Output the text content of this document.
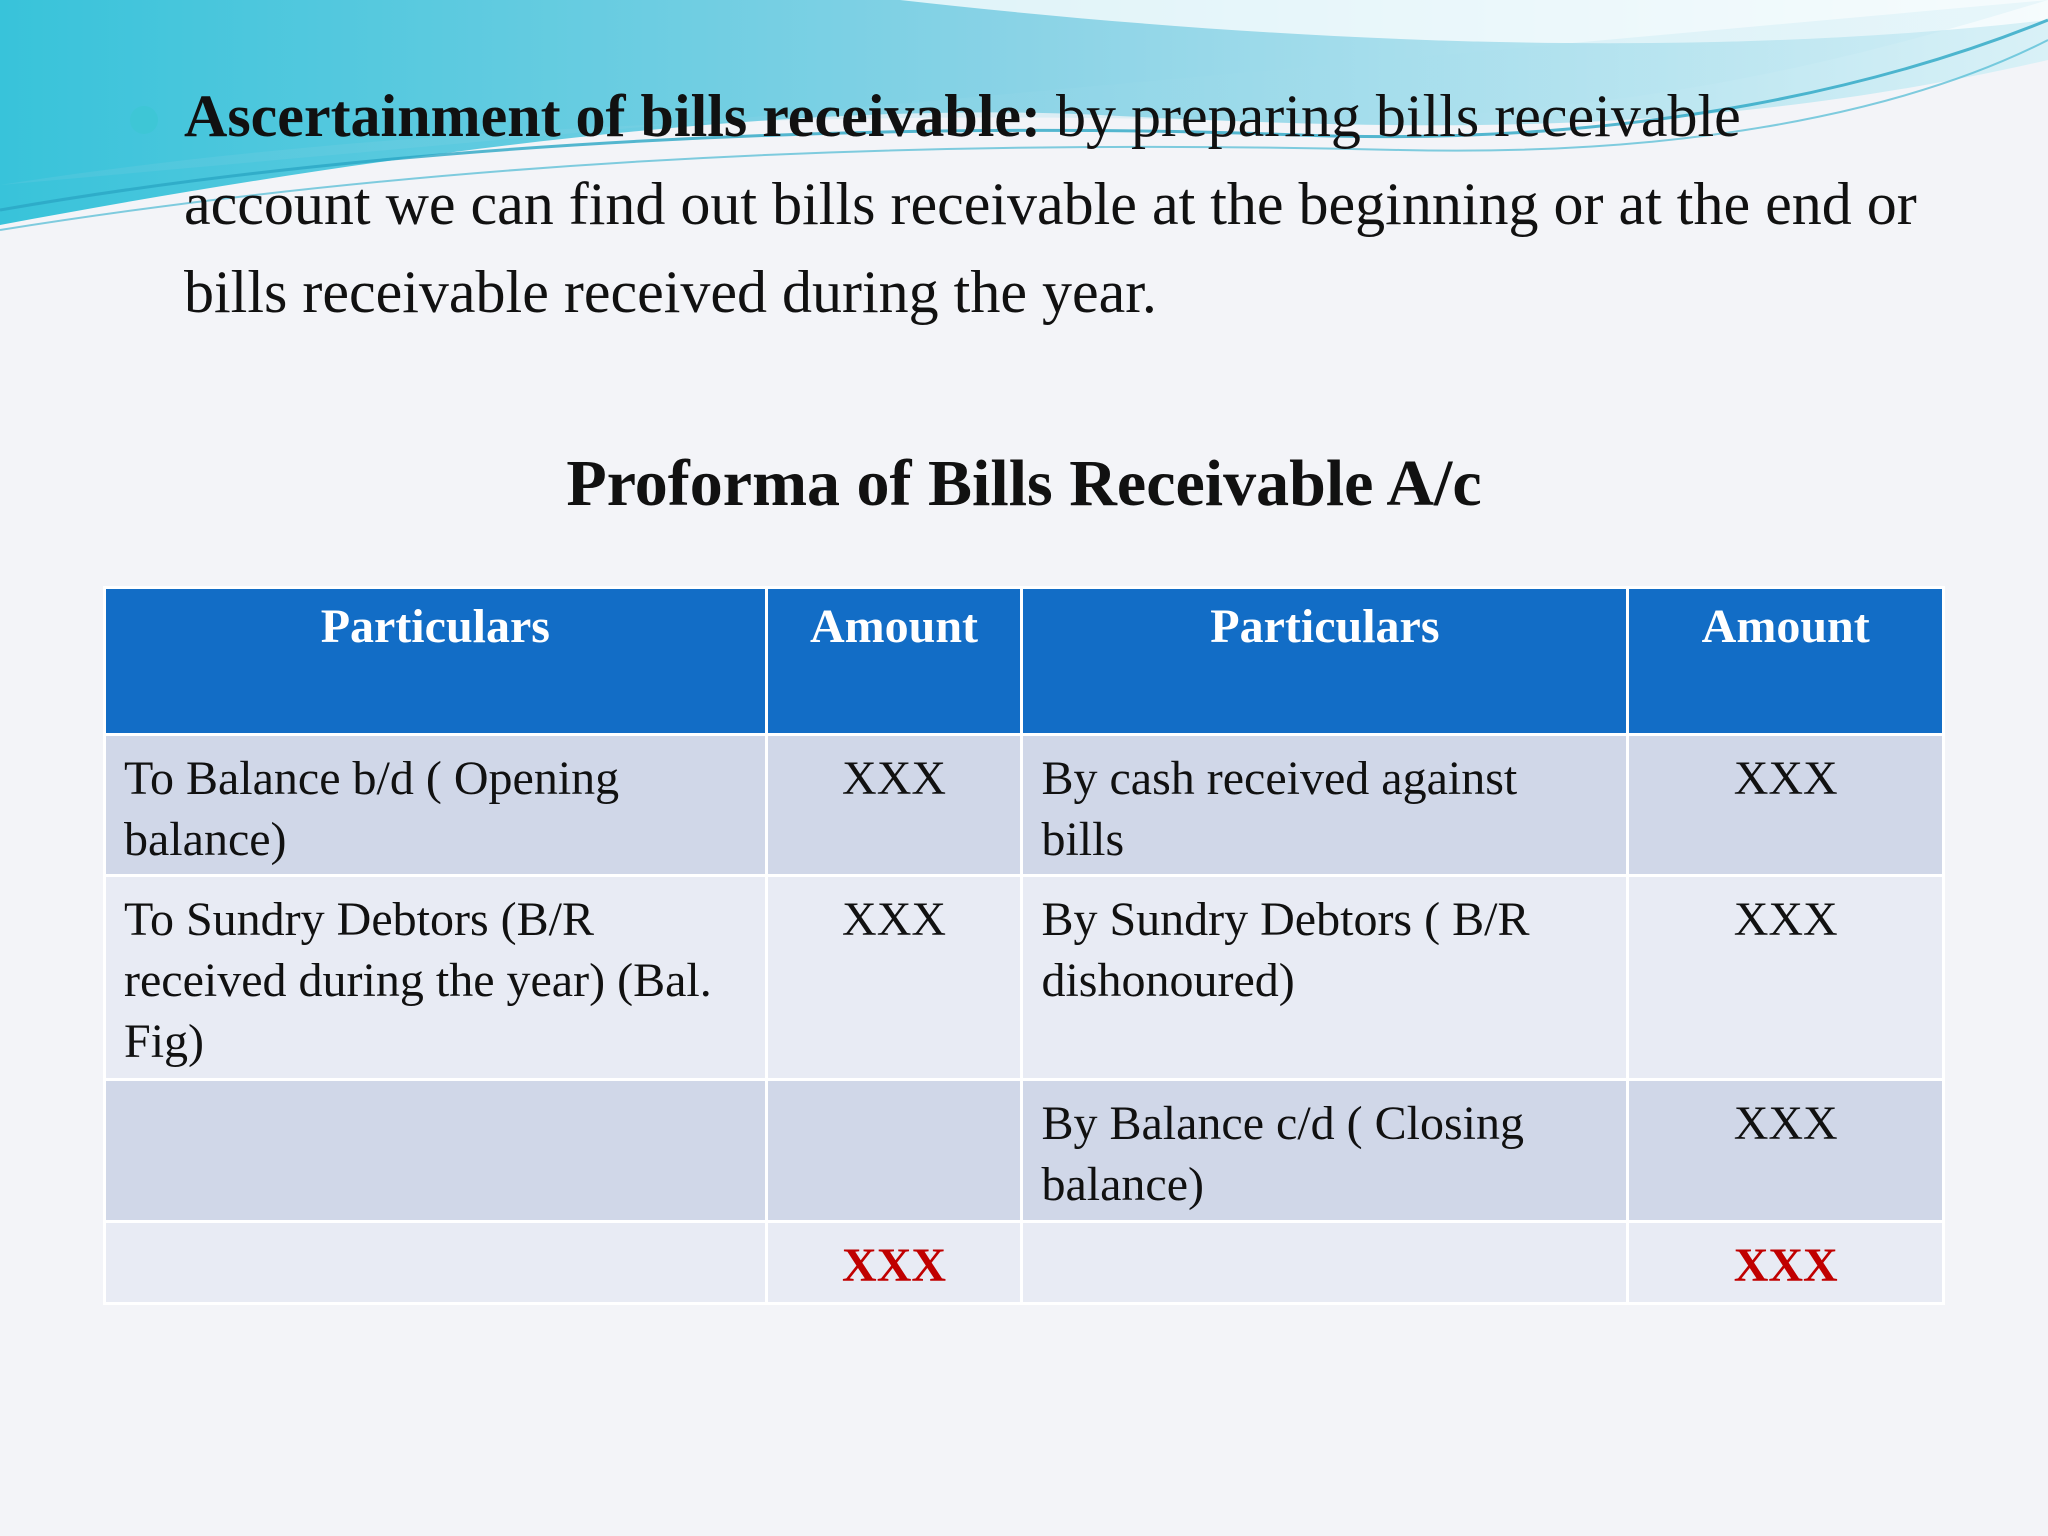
Ascertainment of bills receivable: by preparing bills receivable account we can find out bills receivable at the beginning or at the end or bills receivable received during the year.
Proforma of Bills Receivable A/c
Particulars	Amount	Particulars	Amount
To Balance b/d ( Opening balance)	XXX	By cash received against bills	XXX
To Sundry Debtors (B/R received during the year) (Bal. Fig)	XXX	By Sundry Debtors ( B/R dishonoured)	XXX
		By Balance c/d ( Closing balance)	XXX
	XXX		XXX
